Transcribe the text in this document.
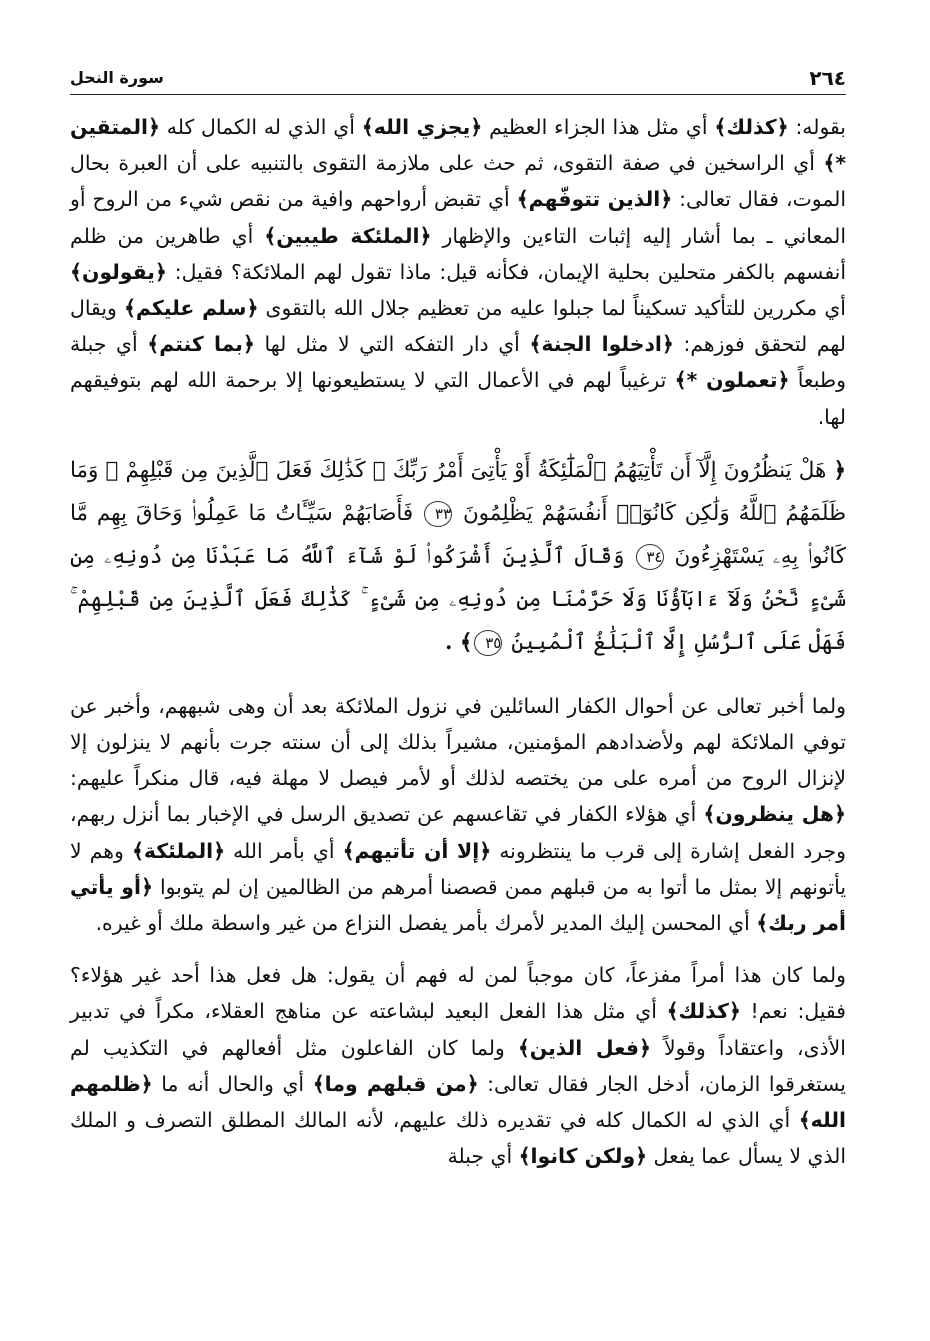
٢٦٤
سورة النحل

بقوله: ﴿كذلك﴾ أي مثل هذا الجزاء العظيم ﴿يجزي الله﴾ أي الذي له الكمال كله ﴿المتقين *﴾ أي الراسخين في صفة التقوى، ثم حث على ملازمة التقوى بالتنبيه على أن العبرة بحال الموت، فقال تعالى: ﴿الذين تتوفّهم﴾ أي تقبض أرواحهم وافية من نقص شيء من الروح أو المعاني ـ بما أشار إليه إثبات التاءين والإظهار ﴿الملئكة طيبين﴾ أي طاهرين من ظلم أنفسهم بالكفر متحلين بحلية الإيمان، فكأنه قيل: ماذا تقول لهم الملائكة؟ فقيل: ﴿يقولون﴾ أي مكررين للتأكيد تسكيناً لما جبلوا عليه من تعظيم جلال الله بالتقوى ﴿سلم عليكم﴾ ويقال لهم لتحقق فوزهم: ﴿ادخلوا الجنة﴾ أي دار التفكه التي لا مثل لها ﴿بما كنتم﴾ أي جبلة وطبعاً ﴿تعملون *﴾ ترغيباً لهم في الأعمال التي لا يستطيعونها إلا برحمة الله لهم بتوفيقهم لها.

﴿ هَلْ يَنظُرُونَ إِلَّآ أَن تَأْتِيَهُمُ ٱلْمَلَٰٓئِكَةُ أَوْ يَأْتِىَ أَمْرُ رَبِّكَ ۚ كَذَٰلِكَ فَعَلَ ٱلَّذِينَ مِن قَبْلِهِمْ ۚ وَمَا ظَلَمَهُمُ ٱللَّهُ وَلَٰكِن كَانُوٓا۟ أَنفُسَهُمْ يَظْلِمُونَ ٣٣ فَأَصَابَهُمْ سَيِّـَٔاتُ مَا عَمِلُوا۟ وَحَاقَ بِهِم مَّا كَانُوا۟ بِهِۦ يَسْتَهْزِءُونَ ٣٤ وَقَالَ ٱلَّذِينَ أَشْرَكُوا۟ لَوْ شَآءَ ٱللَّهُ مَا عَبَدْنَا مِن دُونِهِۦ مِن شَىْءٍ نَّحْنُ وَلَآ ءَابَآؤُنَا وَلَا حَرَّمْنَا مِن دُونِهِۦ مِن شَىْءٍ ۚ كَذَٰلِكَ فَعَلَ ٱلَّذِينَ مِن قَبْلِهِمْ ۚ فَهَلْ عَلَى ٱلرُّسُلِ إِلَّا ٱلْبَلَٰغُ ٱلْمُبِينُ ٣٥﴾ .

ولما أخبر تعالى عن أحوال الكفار السائلين في نزول الملائكة بعد أن وهى شبههم، وأخبر عن توفي الملائكة لهم ولأضدادهم المؤمنين، مشيراً بذلك إلى أن سنته جرت بأنهم لا ينزلون إلا لإنزال الروح من أمره على من يختصه لذلك أو لأمر فيصل لا مهلة فيه، قال منكراً عليهم: ﴿هل ينظرون﴾ أي هؤلاء الكفار في تقاعسهم عن تصديق الرسل في الإخبار بما أنزل ربهم، وجرد الفعل إشارة إلى قرب ما ينتظرونه ﴿إلا أن تأتيهم﴾ أي بأمر الله ﴿الملئكة﴾ وهم لا يأتونهم إلا بمثل ما أتوا به من قبلهم ممن قصصنا أمرهم من الظالمين إن لم يتوبوا ﴿أو يأتي أمر ربك﴾ أي المحسن إليك المدير لأمرك بأمر يفصل النزاع من غير واسطة ملك أو غيره.

ولما كان هذا أمراً مفزعاً، كان موجباً لمن له فهم أن يقول: هل فعل هذا أحد غير هؤلاء؟ فقيل: نعم! ﴿كذلك﴾ أي مثل هذا الفعل البعيد لبشاعته عن مناهج العقلاء، مكراً في تدبير الأذى، واعتقاداً وقولاً ﴿فعل الذين﴾ ولما كان الفاعلون مثل أفعالهم في التكذيب لم يستغرقوا الزمان، أدخل الجار فقال تعالى: ﴿من قبلهم وما﴾ أي والحال أنه ما ﴿ظلمهم الله﴾ أي الذي له الكمال كله في تقديره ذلك عليهم، لأنه المالك المطلق التصرف و الملك الذي لا يسأل عما يفعل ﴿ولكن كانوا﴾ أي جبلة
